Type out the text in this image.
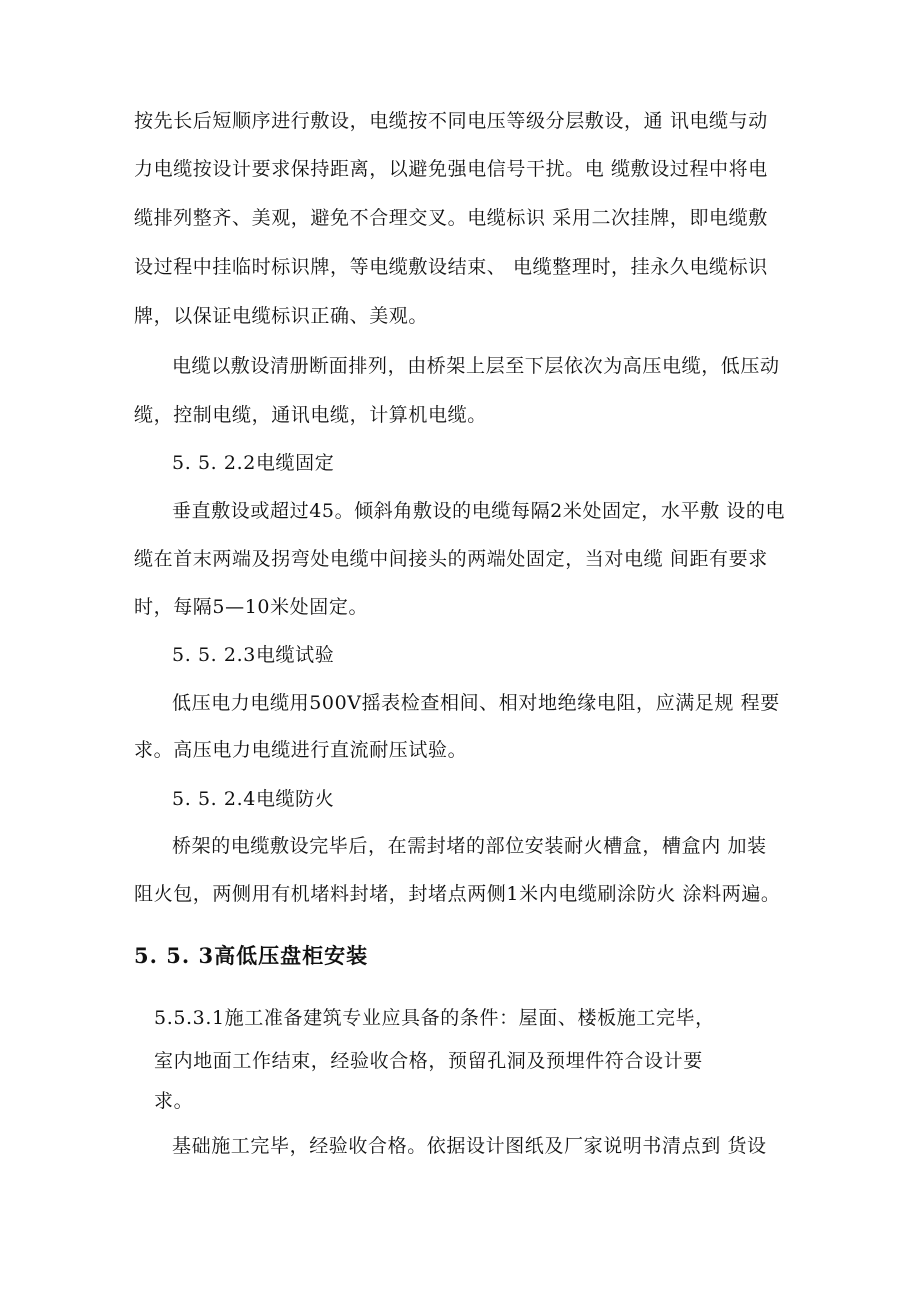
按先长后短顺序进行敷设，电缆按不同电压等级分层敷设，通 讯电缆与动
力电缆按设计要求保持距离，以避免强电信号干扰。电 缆敷设过程中将电
缆排列整齐、美观，避免不合理交叉。电缆标识 采用二次挂牌，即电缆敷
设过程中挂临时标识牌，等电缆敷设结束、 电缆整理时，挂永久电缆标识
牌，以保证电缆标识正确、美观。
电缆以敷设清册断面排列，由桥架上层至下层依次为高压电缆，低压动
缆，控制电缆，通讯电缆，计算机电缆。
5. 5. 2.2电缆固定
垂直敷设或超过45。倾斜角敷设的电缆每隔2米处固定，水平敷 设的电
缆在首末两端及拐弯处电缆中间接头的两端处固定，当对电缆 间距有要求
时，每隔5—10米处固定。
5. 5. 2.3电缆试验
低压电力电缆用500V摇表检查相间、相对地绝缘电阻，应满足规 程要
求。高压电力电缆进行直流耐压试验。
5. 5. 2.4电缆防火
桥架的电缆敷设完毕后，在需封堵的部位安装耐火槽盒，槽盒内 加装
阻火包，两侧用有机堵料封堵，封堵点两侧1米内电缆刷涂防火 涂料两遍。
5. 5. 3高低压盘柜安装
5.5.3.1施工准备建筑专业应具备的条件：屋面、楼板施工完毕，
室内地面工作结束，经验收合格，预留孔洞及预埋件符合设计要
求。
基础施工完毕，经验收合格。依据设计图纸及厂家说明书清点到 货设
